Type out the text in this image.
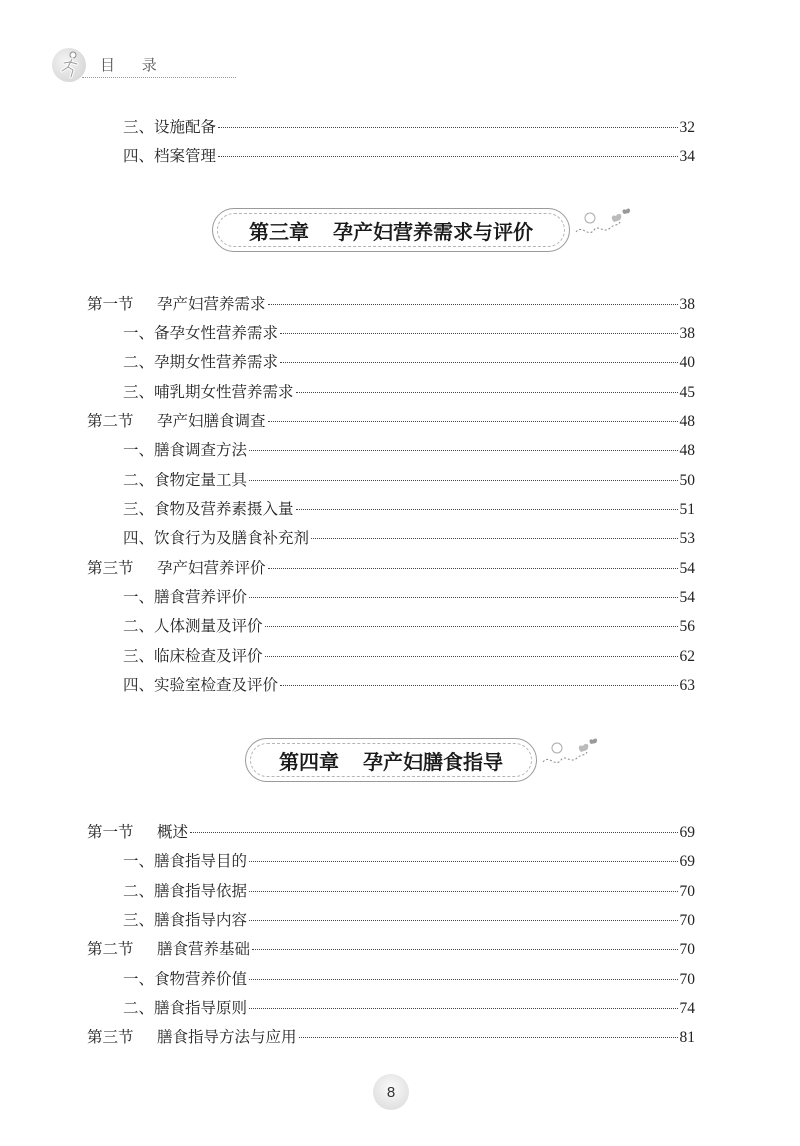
目 录
三、设施配备	32
四、档案管理	34
第三章 孕产妇营养需求与评价
第一节 孕产妇营养需求	38
一、备孕女性营养需求	38
二、孕期女性营养需求	40
三、哺乳期女性营养需求	45
第二节 孕产妇膳食调查	48
一、膳食调查方法	48
二、食物定量工具	50
三、食物及营养素摄入量	51
四、饮食行为及膳食补充剂	53
第三节 孕产妇营养评价	54
一、膳食营养评价	54
二、人体测量及评价	56
三、临床检查及评价	62
四、实验室检查及评价	63
第四章 孕产妇膳食指导
第一节 概述	69
一、膳食指导目的	69
二、膳食指导依据	70
三、膳食指导内容	70
第二节 膳食营养基础	70
一、食物营养价值	70
二、膳食指导原则	74
第三节 膳食指导方法与应用	81
8
